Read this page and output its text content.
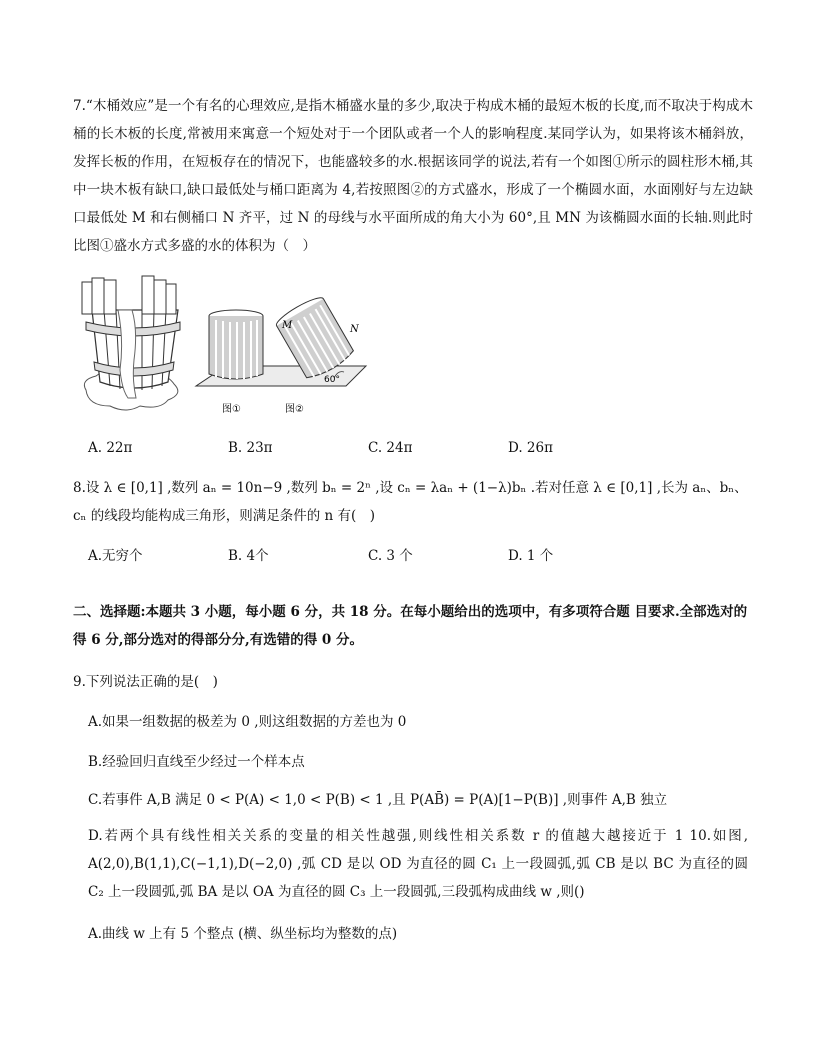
7.“木桶效应”是一个有名的心理效应,是指木桶盛水量的多少,取决于构成木桶的最短木板的长度,而不取决于构成木桶的长木板的长度,常被用来寓意一个短处对于一个团队或者一个人的影响程度.某同学认为，如果将该木桶斜放，发挥长板的作用，在短板存在的情况下，也能盛较多的水.根据该同学的说法,若有一个如图①所示的圆柱形木桶,其中一块木板有缺口,缺口最低处与桶口距离为 4,若按照图②的方式盛水，形成了一个椭圆水面，水面刚好与左边缺口最低处 M 和右侧桶口 N 齐平，过 N 的母线与水平面所成的角大小为 60°,且 MN 为该椭圆水面的长轴.则此时比图①盛水方式多盛的水的体积为（　）
M	N
60°
图①	图②
A. 22π	B. 23π	C. 24π	D. 26π
8.设 λ ∈ [0,1] ,数列 aₙ = 10n−9 ,数列 bₙ = 2ⁿ ,设 cₙ = λaₙ + (1−λ)bₙ .若对任意 λ ∈ [0,1] ,长为 aₙ、bₙ、cₙ 的线段均能构成三角形，则满足条件的 n 有(　)
A.无穷个	B. 4个	C. 3 个	D. 1 个
二、选择题:本题共 3 小题，每小题 6 分，共 18 分。在每小题给出的选项中，有多项符合题 目要求.全部选对的得 6 分,部分选对的得部分分,有选错的得 0 分。
9.下列说法正确的是(　)
A.如果一组数据的极差为 0 ,则这组数据的方差也为 0
B.经验回归直线至少经过一个样本点
C.若事件 A,B 满足 0 < P(A) < 1,0 < P(B) < 1 ,且 P(AB̄) = P(A)[1−P(B)] ,则事件 A,B 独立
D.若两个具有线性相关关系的变量的相关性越强,则线性相关系数 r 的值越大越接近于 1 10.如图, A(2,0),B(1,1),C(−1,1),D(−2,0) ,弧 CD 是以 OD 为直径的圆 C₁ 上一段圆弧,弧 CB 是以 BC 为直径的圆 C₂ 上一段圆弧,弧 BA 是以 OA 为直径的圆 C₃ 上一段圆弧,三段弧构成曲线 w ,则()
A.曲线 w 上有 5 个整点 (横、纵坐标均为整数的点)
